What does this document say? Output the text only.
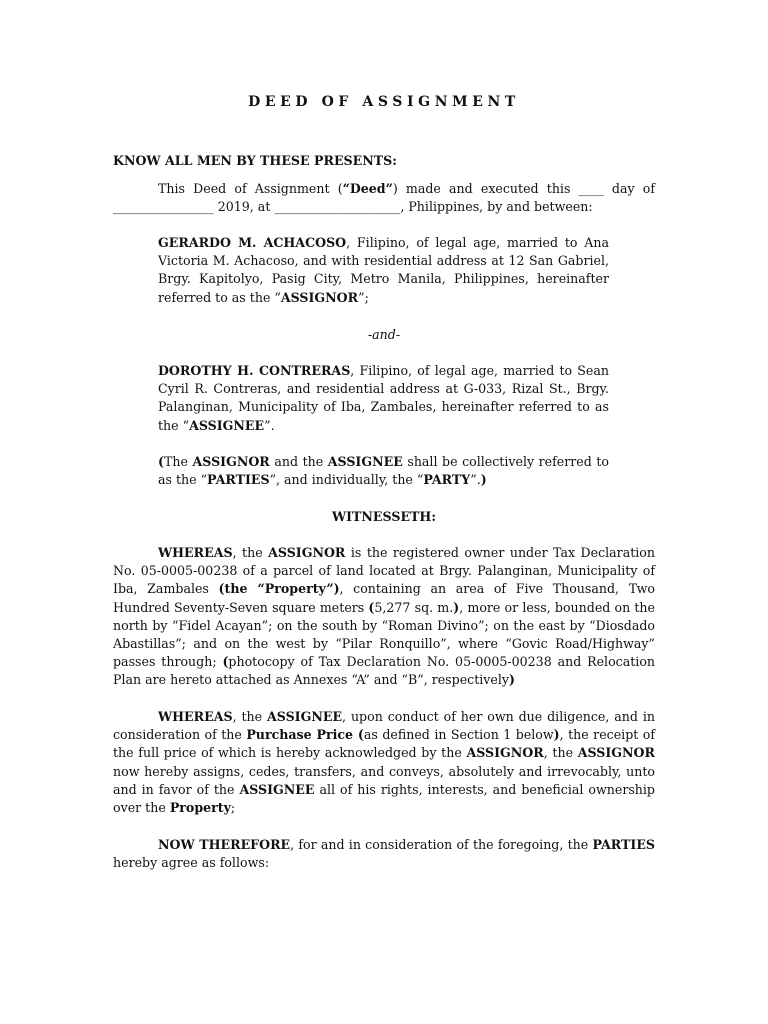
DEED OF ASSIGNMENT
KNOW ALL MEN BY THESE PRESENTS:

This Deed of Assignment (“Deed”) made and executed this ____ day of ________________ 2019, at ____________________, Philippines, by and between:

GERARDO M. ACHACOSO, Filipino, of legal age, married to Ana Victoria M. Achacoso, and with residential address at 12 San Gabriel, Brgy. Kapitolyo, Pasig City, Metro Manila, Philippines, hereinafter referred to as the “ASSIGNOR”;

-and-

DOROTHY H. CONTRERAS, Filipino, of legal age, married to Sean Cyril R. Contreras, and residential address at G-033, Rizal St., Brgy. Palanginan, Municipality of Iba, Zambales, hereinafter referred to as the “ASSIGNEE”.

(The ASSIGNOR and the ASSIGNEE shall be collectively referred to as the “PARTIES”, and individually, the “PARTY”.)

WITNESSETH:

WHEREAS, the ASSIGNOR is the registered owner under Tax Declaration No. 05-0005-00238 of a parcel of land located at Brgy. Palanginan, Municipality of Iba, Zambales (the “Property”), containing an area of Five Thousand, Two Hundred Seventy-Seven square meters (5,277 sq. m.), more or less, bounded on the north by “Fidel Acayan”; on the south by “Roman Divino”; on the east by “Diosdado Abastillas”; and on the west by “Pilar Ronquillo”, where “Govic Road/Highway” passes through; (photocopy of Tax Declaration No. 05-0005-00238 and Relocation Plan are hereto attached as Annexes “A” and “B”, respectively)

WHEREAS, the ASSIGNEE, upon conduct of her own due diligence, and in consideration of the Purchase Price (as defined in Section 1 below), the receipt of the full price of which is hereby acknowledged by the ASSIGNOR, the ASSIGNOR now hereby assigns, cedes, transfers, and conveys, absolutely and irrevocably, unto and in favor of the ASSIGNEE all of his rights, interests, and beneficial ownership over the Property;

NOW THEREFORE, for and in consideration of the foregoing, the PARTIES hereby agree as follows:
